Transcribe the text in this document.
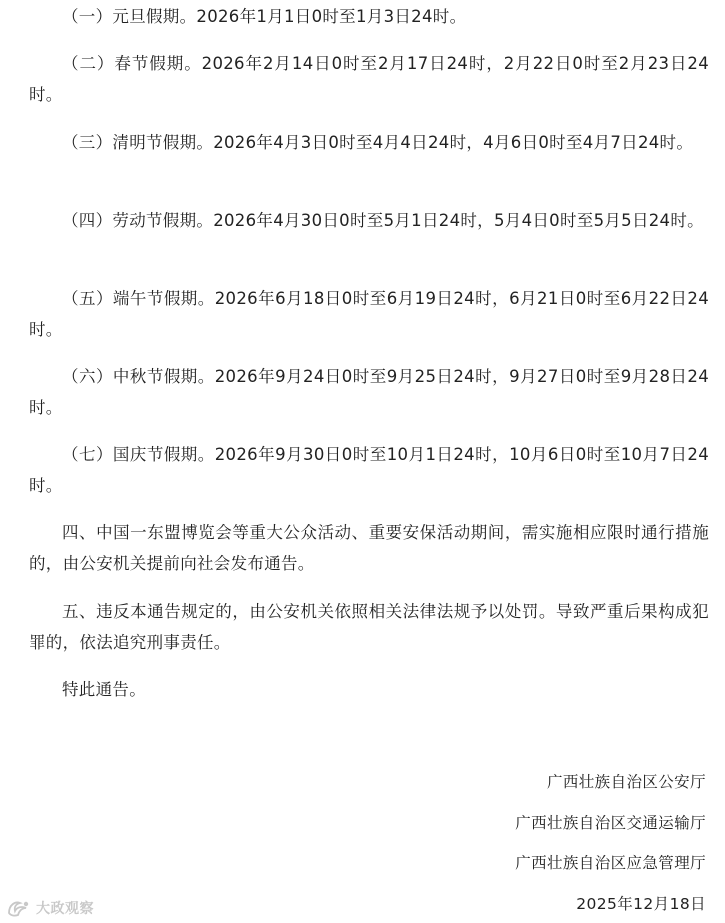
（一）元旦假期。2026年1月1日0时至1月3日24时。

（二）春节假期。2026年2月14日0时至2月17日24时，2月22日0时至2月23日24时。

（三）清明节假期。2026年4月3日0时至4月4日24时，4月6日0时至4月7日24时。

（四）劳动节假期。2026年4月30日0时至5月1日24时，5月4日0时至5月5日24时。

（五）端午节假期。2026年6月18日0时至6月19日24时，6月21日0时至6月22日24时。

（六）中秋节假期。2026年9月24日0时至9月25日24时，9月27日0时至9月28日24时。

（七）国庆节假期。2026年9月30日0时至10月1日24时，10月6日0时至10月7日24时。

四、中国一东盟博览会等重大公众活动、重要安保活动期间，需实施相应限时通行措施的，由公安机关提前向社会发布通告。

五、违反本通告规定的，由公安机关依照相关法律法规予以处罚。导致严重后果构成犯罪的，依法追究刑事责任。

特此通告。

广西壮族自治区公安厅

广西壮族自治区交通运输厅

广西壮族自治区应急管理厅

2025年12月18日

大政观察
